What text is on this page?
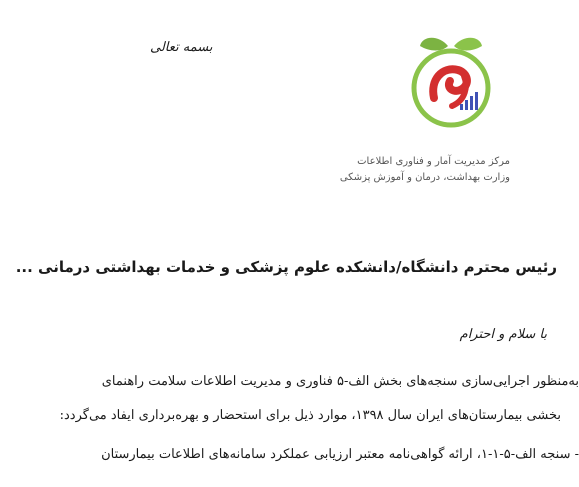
بسمه تعالی
مرکز مدیریت آمار و فناوری اطلاعات
وزارت بهداشت، درمان و آموزش پزشکی
رئیس محترم دانشگاه/دانشکده علوم پزشکی و خدمات بهداشتی درمانی ...
با سلام و احترام
به‌منظور اجرایی‌سازی سنجه‌های بخش الف-۵ فناوری و مدیریت اطلاعات سلامت راهنمای
بخشی بیمارستان‌های ایران سال ۱۳۹۸، موارد ذیل برای استحضار و بهره‌برداری ایفاد می‌گردد:
- سنجه الف-۵-۱-۱، ارائه گواهی‌نامه معتبر ارزیابی عملکرد سامانه‌های اطلاعات بیمارستان
